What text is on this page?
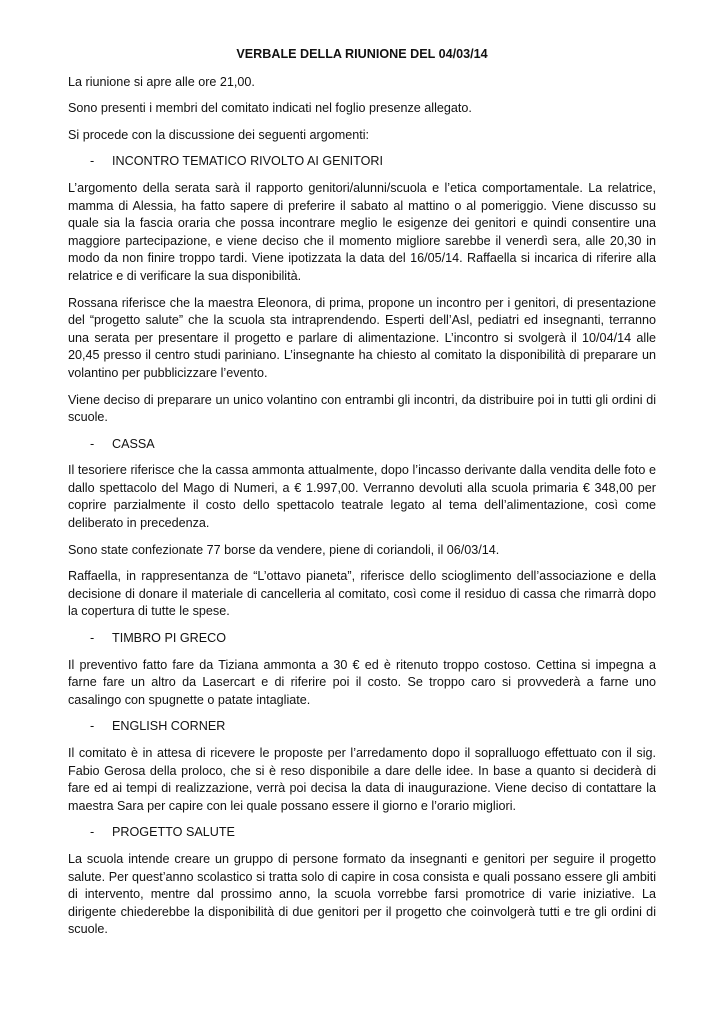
VERBALE DELLA RIUNIONE DEL 04/03/14

La riunione si apre alle ore 21,00.

Sono presenti i membri del comitato indicati nel foglio presenze allegato.

Si procede con la discussione dei seguenti argomenti:

-	INCONTRO TEMATICO RIVOLTO AI GENITORI

L’argomento della serata sarà il rapporto genitori/alunni/scuola e l’etica comportamentale. La relatrice, mamma di Alessia, ha fatto sapere di preferire il sabato al mattino o al pomeriggio. Viene discusso su quale sia la fascia oraria che possa incontrare meglio le esigenze dei genitori e quindi consentire una maggiore partecipazione, e viene deciso che il momento migliore sarebbe il venerdì sera, alle 20,30 in modo da non finire troppo tardi. Viene ipotizzata la data del 16/05/14. Raffaella si incarica di riferire alla relatrice e di verificare la sua disponibilità.

Rossana riferisce che la maestra Eleonora, di prima, propone un incontro per i genitori, di presentazione del “progetto salute” che la scuola sta intraprendendo. Esperti dell’Asl, pediatri ed insegnanti, terranno una serata per presentare il progetto e parlare di alimentazione. L’incontro si svolgerà il 10/04/14 alle 20,45 presso il centro studi pariniano. L’insegnante ha chiesto al comitato la disponibilità di preparare un volantino per pubblicizzare l’evento.

Viene deciso di preparare un unico volantino con entrambi gli incontri, da distribuire poi in tutti gli ordini di scuole.

-	CASSA

Il tesoriere riferisce che la cassa ammonta attualmente, dopo l’incasso derivante dalla vendita delle foto e dallo spettacolo del Mago di Numeri, a € 1.997,00. Verranno devoluti alla scuola primaria € 348,00 per coprire parzialmente il costo dello spettacolo teatrale legato al tema dell’alimentazione, così come deliberato in precedenza.

Sono state confezionate 77 borse da vendere, piene di coriandoli, il 06/03/14.

Raffaella, in rappresentanza de “L’ottavo pianeta”, riferisce dello scioglimento dell’associazione e della decisione di donare il materiale di cancelleria al comitato, così come il residuo di cassa che rimarrà dopo la copertura di tutte le spese.

-	TIMBRO PI GRECO

Il preventivo fatto fare da Tiziana ammonta a 30 € ed è ritenuto troppo costoso. Cettina si impegna a farne fare un altro da Lasercart e di riferire poi il costo. Se troppo caro si provvederà a farne uno casalingo con spugnette o patate intagliate.

-	ENGLISH CORNER

Il comitato è in attesa di ricevere le proposte per l’arredamento dopo il sopralluogo effettuato con il sig. Fabio Gerosa della proloco, che si è reso disponibile a dare delle idee. In base a quanto si deciderà di fare ed ai tempi di realizzazione, verrà poi decisa la data di inaugurazione. Viene deciso di contattare la maestra Sara per capire con lei quale possano essere il giorno e l’orario migliori.

-	PROGETTO SALUTE

La scuola intende creare un gruppo di persone formato da insegnanti e genitori per seguire il progetto salute. Per quest’anno scolastico si tratta solo di capire in cosa consista e quali possano essere gli ambiti di intervento, mentre dal prossimo anno, la scuola vorrebbe farsi promotrice di varie iniziative. La dirigente chiederebbe la disponibilità di due genitori per il progetto che coinvolgerà tutti e tre gli ordini di scuole.
